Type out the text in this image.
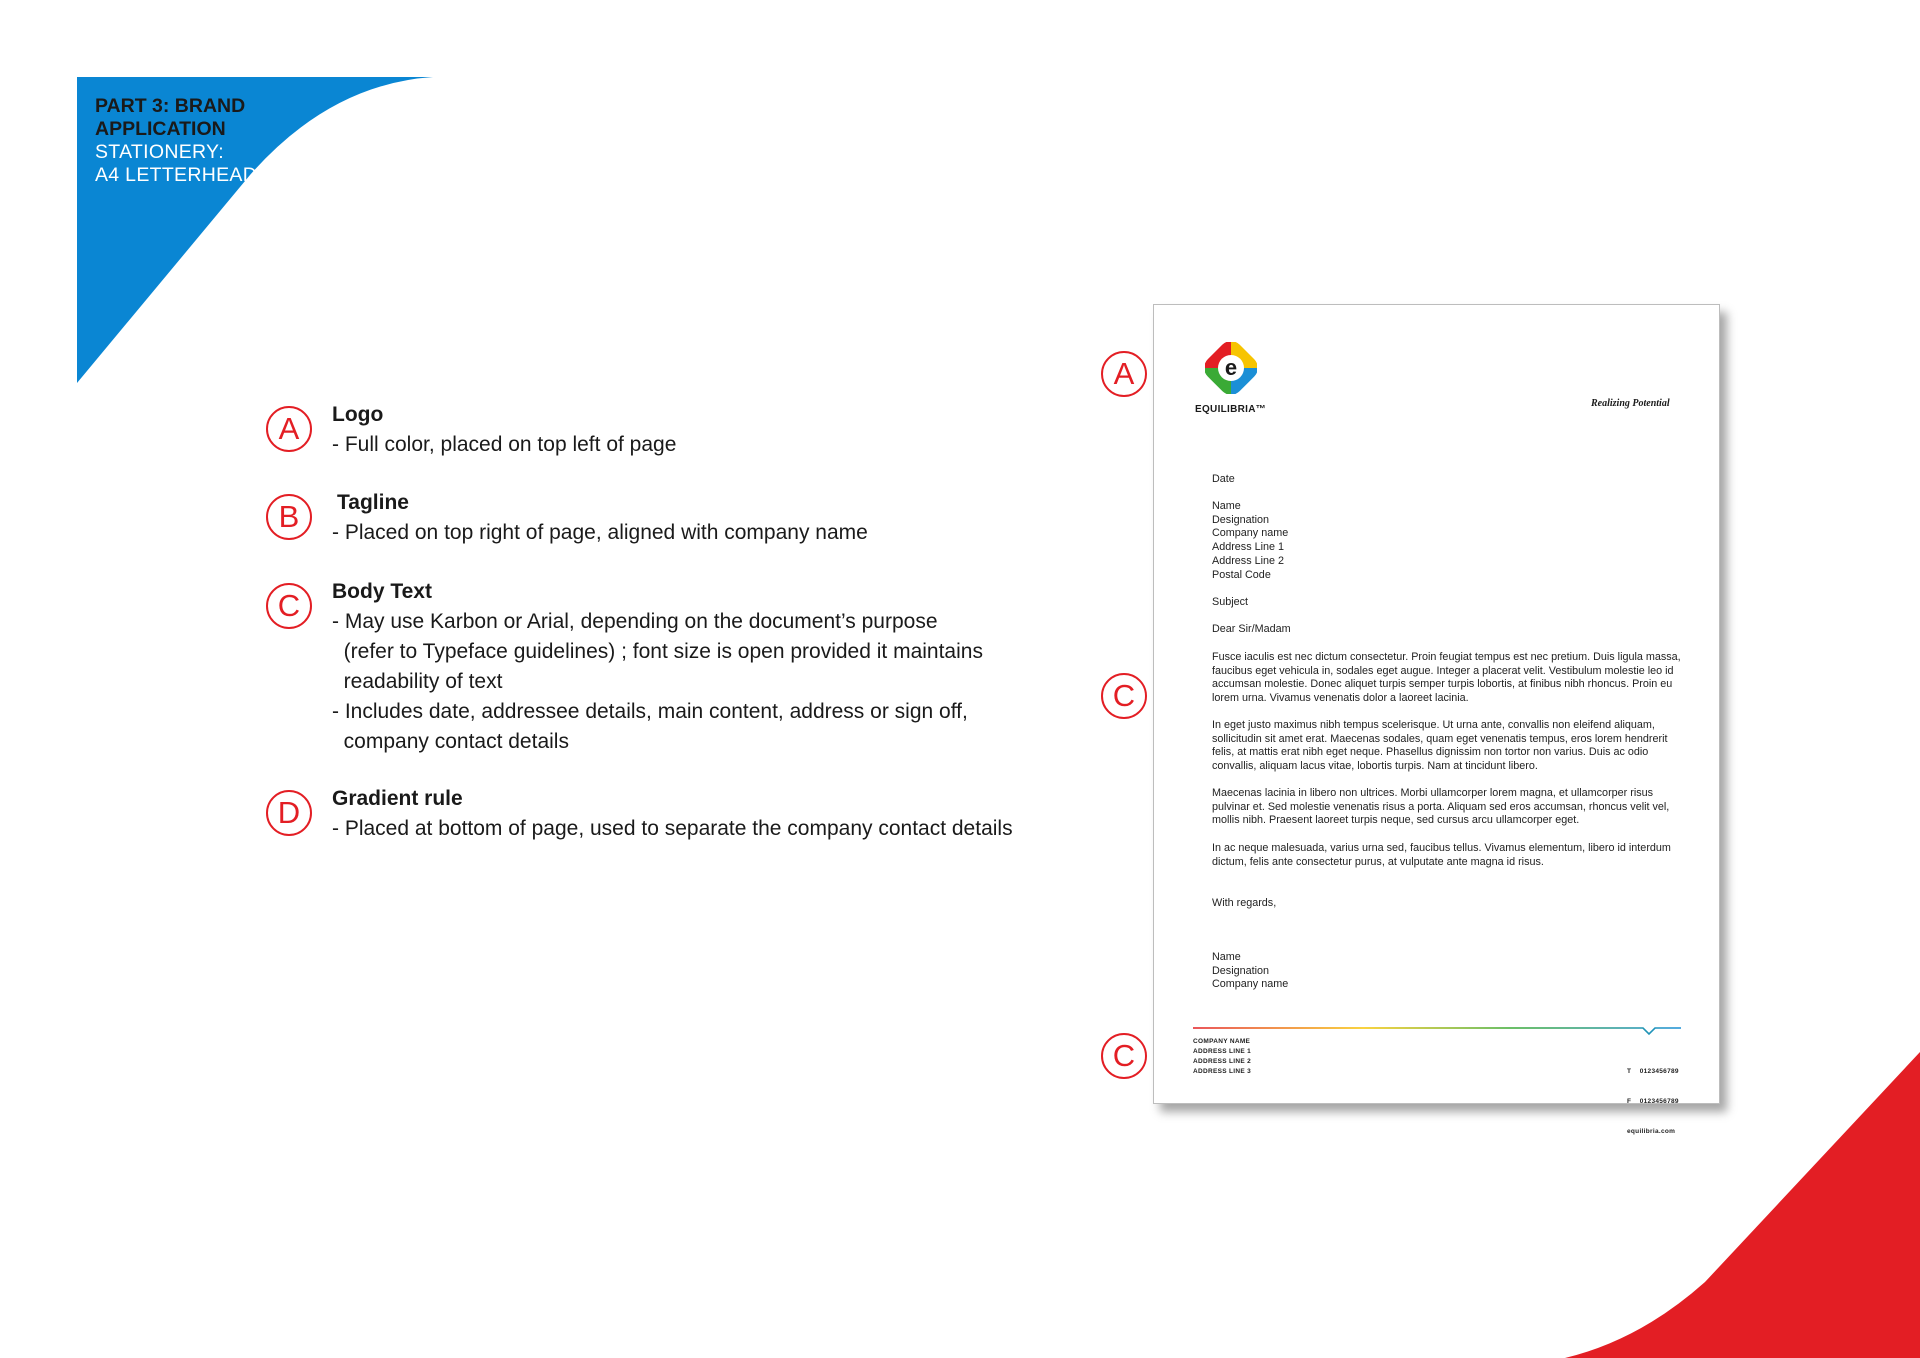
PART 3: BRAND
APPLICATION
STATIONERY:
A4 LETTERHEAD
A	Logo
- Full color, placed on top left of page
B	Tagline
- Placed on top right of page, aligned with company name
C	Body Text
- May use Karbon or Arial, depending on the document’s purpose
(refer to Typeface guidelines) ; font size is open provided it maintains
readability of text
- Includes date, addressee details, main content, address or sign off,
company contact details
D	Gradient rule
- Placed at bottom of page, used to separate the company contact details
A
C
C
e
EQUILIBRIA™
Realizing Potential
Date

Name

Designation

Company name

Address Line 1

Address Line 2

Postal Code

Subject
Dear Sir/Madam
Fusce iaculis est nec dictum consectetur. Proin feugiat tempus est nec pretium. Duis ligula massa, faucibus eget vehicula in, sodales eget augue. Integer a placerat velit. Vestibulum molestie leo id accumsan molestie. Donec aliquet turpis semper turpis lobortis, at finibus nibh rhoncus. Proin eu lorem urna. Vivamus venenatis dolor a laoreet lacinia.
In eget justo maximus nibh tempus scelerisque. Ut urna ante, convallis non eleifend aliquam, sollicitudin sit amet erat. Maecenas sodales, quam eget venenatis tempus, eros lorem hendrerit felis, at mattis erat nibh eget neque. Phasellus dignissim non tortor non varius. Duis ac odio convallis, aliquam lacus vitae, lobortis turpis. Nam at tincidunt libero.
Maecenas lacinia in libero non ultrices. Morbi ullamcorper lorem magna, et ullamcorper risus pulvinar et. Sed molestie venenatis risus a porta. Aliquam sed eros accumsan, rhoncus velit vel, mollis nibh. Praesent laoreet turpis neque, sed cursus arcu ullamcorper eget.
In ac neque malesuada, varius urna sed, faucibus tellus. Vivamus elementum, libero id interdum dictum, felis ante consectetur purus, at vulputate ante magna id risus.
With regards,

Name

Designation

Company name

COMPANY NAME

ADDRESS LINE 1

ADDRESS LINE 2

ADDRESS LINE 3

	T    0123456789

F    0123456789

equilibria.com
